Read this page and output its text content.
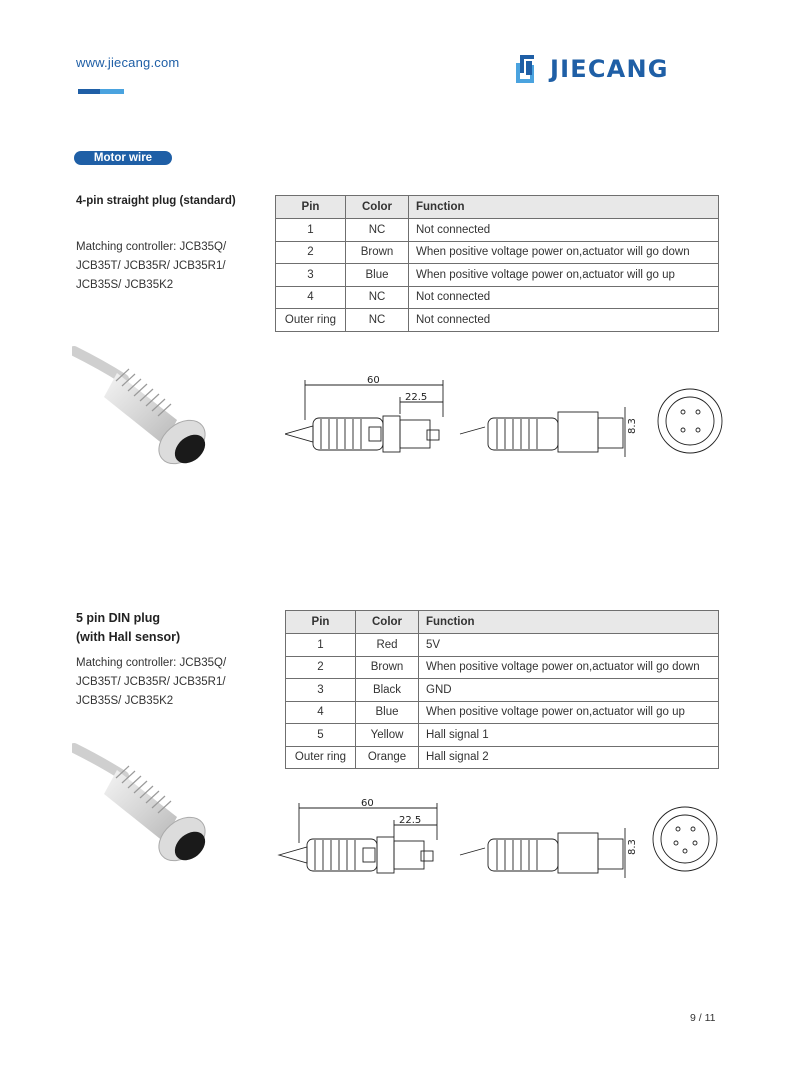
www.jiecang.com	JIECANG
Motor wire
4-pin straight plug (standard)
Matching controller: JCB35Q/
JCB35T/ JCB35R/ JCB35R1/
JCB35S/ JCB35K2
Pin	Color	Function
1	NC	Not connected
2	Brown	When positive voltage power on,actuator will go down
3	Blue	When positive voltage power on,actuator will go up
4	NC	Not connected
Outer ring	NC	Not connected
60
22.5
8.3
5 pin DIN plug
(with Hall sensor)
Matching controller: JCB35Q/
JCB35T/ JCB35R/ JCB35R1/
JCB35S/ JCB35K2
Pin	Color	Function
1	Red	5V
2	Brown	When positive voltage power on,actuator will go down
3	Black	GND
4	Blue	When positive voltage power on,actuator will go up
5	Yellow	Hall signal 1
Outer ring	Orange	Hall signal 2
60
22.5
8.3
9 / 11
